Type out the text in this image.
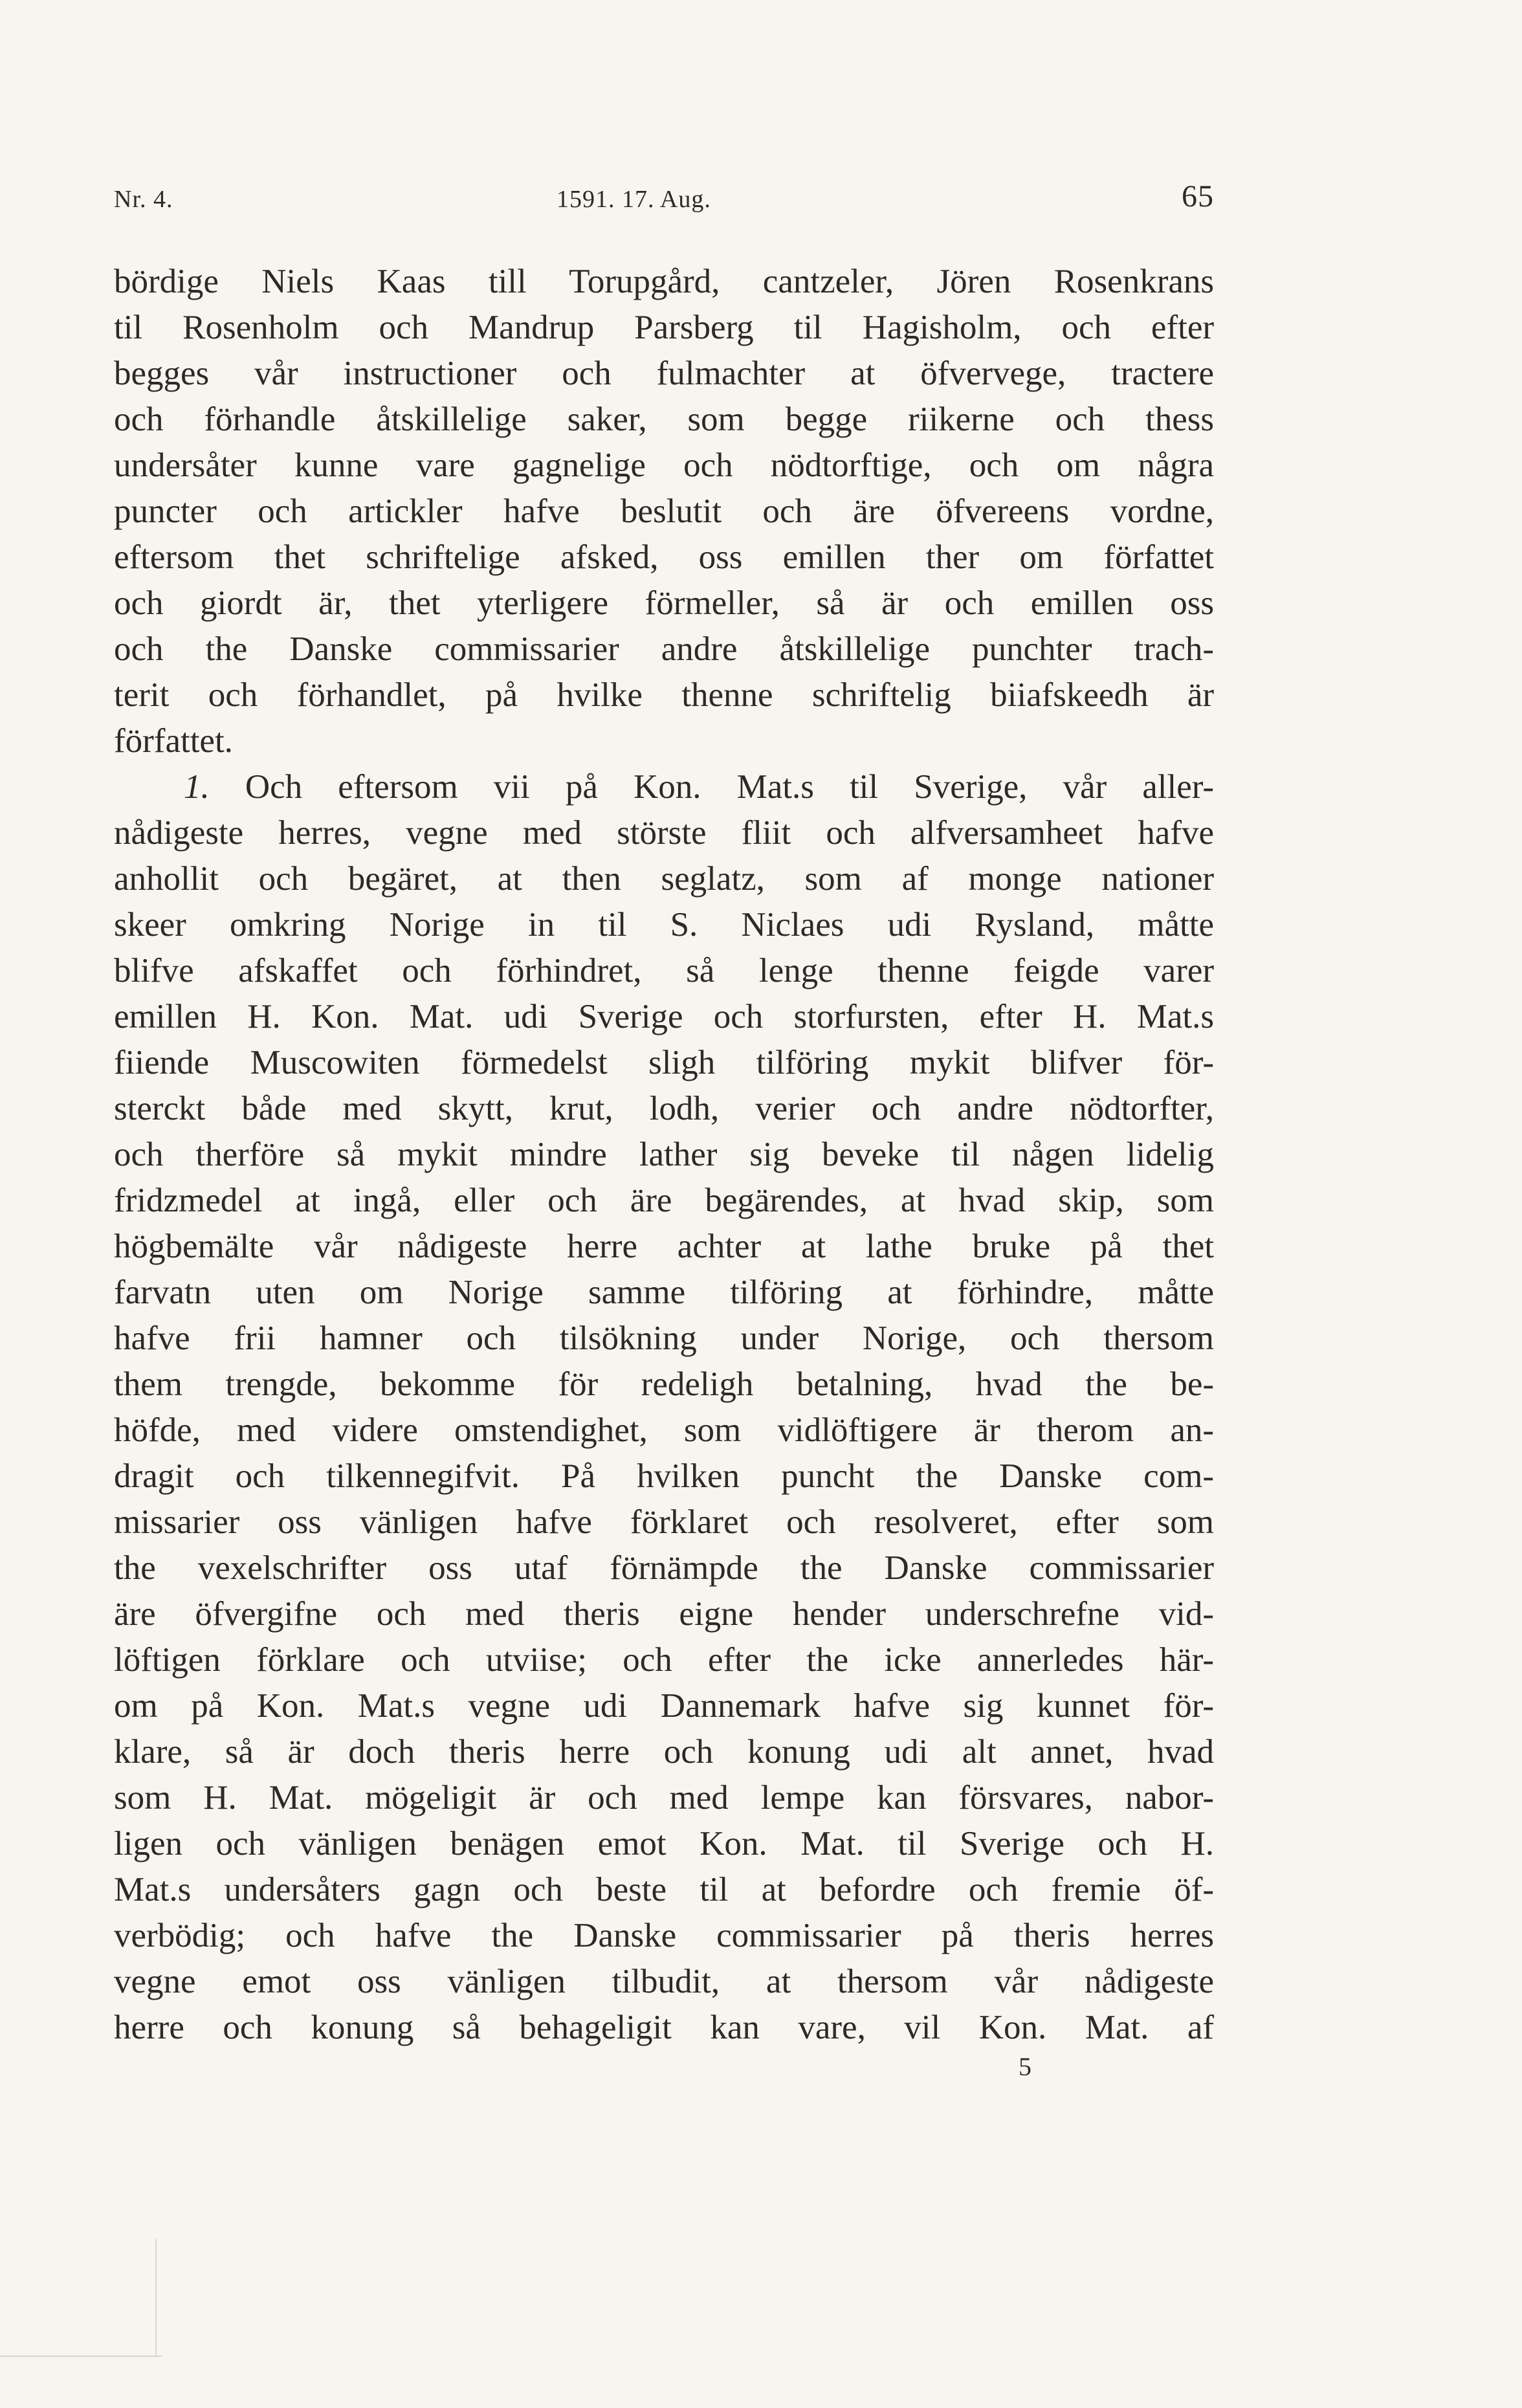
Nr. 4.	1591. 17. Aug.	65
bördige Niels Kaas till Torupgård, cantzeler, Jören Rosenkrans
til Rosenholm och Mandrup Parsberg til Hagisholm, och efter
begges vår instructioner och fulmachter at öfvervege, tractere
och förhandle åtskillelige saker, som begge riikerne och thess
undersåter kunne vare gagnelige och nödtorftige, och om några
puncter och artickler hafve beslutit och äre öfvereens vordne,
eftersom thet schriftelige afsked, oss emillen ther om författet
och giordt är, thet yterligere förmeller, så är och emillen oss
och the Danske commissarier andre åtskillelige punchter trach-
terit och förhandlet, på hvilke thenne schriftelig biiafskeedh är
författet.
1. Och eftersom vii på Kon. Mat.s til Sverige, vår aller-
nådigeste herres, vegne med störste fliit och alfversamheet hafve
anhollit och begäret, at then seglatz, som af monge nationer
skeer omkring Norige in til S. Niclaes udi Rysland, måtte
blifve afskaffet och förhindret, så lenge thenne feigde varer
emillen H. Kon. Mat. udi Sverige och storfursten, efter H. Mat.s
fiiende Muscowiten förmedelst sligh tilföring mykit blifver för-
sterckt både med skytt, krut, lodh, verier och andre nödtorfter,
och therföre så mykit mindre lather sig beveke til någen lidelig
fridzmedel at ingå, eller och äre begärendes, at hvad skip, som
högbemälte vår nådigeste herre achter at lathe bruke på thet
farvatn uten om Norige samme tilföring at förhindre, måtte
hafve frii hamner och tilsökning under Norige, och thersom
them trengde, bekomme för redeligh betalning, hvad the be-
höfde, med videre omstendighet, som vidlöftigere är therom an-
dragit och tilkennegifvit. På hvilken puncht the Danske com-
missarier oss vänligen hafve förklaret och resolveret, efter som
the vexelschrifter oss utaf förnämpde the Danske commissarier
äre öfvergifne och med theris eigne hender underschrefne vid-
löftigen förklare och utviise; och efter the icke annerledes här-
om på Kon. Mat.s vegne udi Dannemark hafve sig kunnet för-
klare, så är doch theris herre och konung udi alt annet, hvad
som H. Mat. mögeligit är och med lempe kan försvares, nabor-
ligen och vänligen benägen emot Kon. Mat. til Sverige och H.
Mat.s undersåters gagn och beste til at befordre och fremie öf-
verbödig; och hafve the Danske commissarier på theris herres
vegne emot oss vänligen tilbudit, at thersom vår nådigeste
herre och konung så behageligit kan vare, vil Kon. Mat. af
5
